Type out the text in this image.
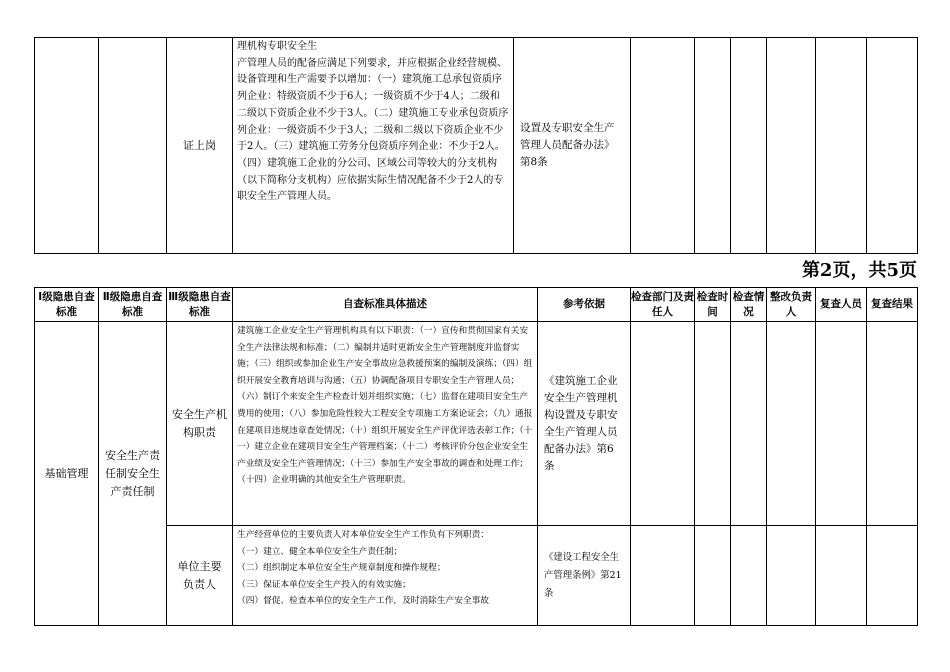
		证上岗	理机构专职安全生
产管理人员的配备应满足下列要求，并应根据企业经营规模、设备管理和生产需要予以增加：（一）建筑施工总承包资质序列企业：特级资质不少于6人；一级资质不少于4人；二级和二级以下资质企业不少于3人。（二）建筑施工专业承包资质序列企业：一级资质不少于3人；二级和二级以下资质企业不少于2人。（三）建筑施工劳务分包资质序列企业：不少于2人。（四）建筑施工企业的分公司、区域公司等较大的分支机构（以下简称分支机构）应依据实际生情况配备不少于2人的专职安全生产管理人员。	设置及专职安全生产管理人员配备办法》第8条						
第2页，共5页
Ⅰ级隐患自查标准	Ⅱ级隐患自查标准	Ⅲ级隐患自查标准	自查标准具体描述	参考依据	检查部门及责任人	检查时间	检查情况	整改负责人	复查人员	复查结果
基础管理	安全生产责任制安全生产责任制	安全生产机构职责	建筑施工企业安全生产管理机构具有以下职责：（一）宣传和贯彻国家有关安全生产法律法规和标准；（二）编制并适时更新安全生产管理制度并监督实施；（三）组织或参加企业生产安全事故应急救援预案的编制及演练；（四）组织开展安全教育培训与沟通；（五）协调配备项目专职安全生产管理人员；（六）制订个来安全生产检查计划并组织实施；（七）监督在建项目安全生产费用的使用；（八）参加危险性较大工程安全专项施工方案论证会；（九）通报在建项目违规违章查处情况；（十）组织开展安全生产评优评选表彰工作；（十一）建立企业在建项目安全生产管理档案；（十二）考核评价分包企业安全生产业绩及安全生产管理情况；（十三）参加生产安全事故的调查和处理工作；（十四）企业明确的其他安全生产管理职责。	《建筑施工企业安全生产管理机构设置及专职安全生产管理人员配备办法》第6条						
		单位主要负责人	生产经营单位的主要负责人对本单位安全生产工作负有下列职责：
（一）建立、健全本单位安全生产责任制；
（二）组织制定本单位安全生产规章制度和操作规程；
（三）保证本单位安全生产投入的有效实施；
（四）督促、检查本单位的安全生产工作，及时消除生产安全事故	《建设工程安全生产管理条例》第21条						
